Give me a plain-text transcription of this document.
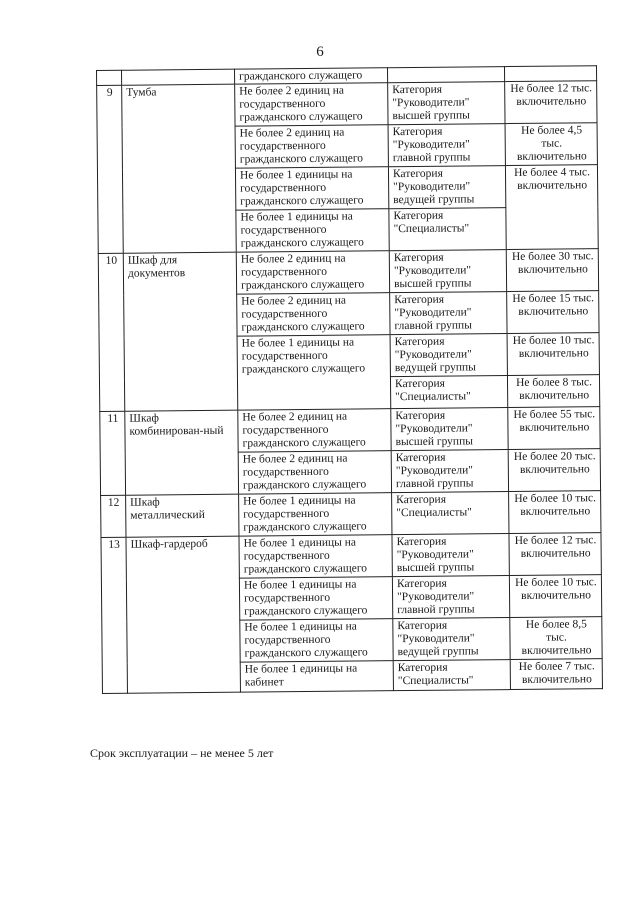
6
		гражданского служащего		
9	Тумба	Не более 2 единиц на государственного гражданского служащего	Категория "Руководители" высшей группы	Не более 12 тыс. включительно
		Не более 2 единиц на государственного гражданского служащего	Категория "Руководители" главной группы	Не более 4,5 тыс. включительно
		Не более 1 единицы на государственного гражданского служащего	Категория "Руководители" ведущей группы	Не более 4 тыс. включительно
		Не более 1 единицы на государственного гражданского служащего	Категория "Специалисты"	
10	Шкаф для документов	Не более 2 единиц на государственного гражданского служащего	Категория "Руководители" высшей группы	Не более 30 тыс. включительно
		Не более 2 единиц на государственного гражданского служащего	Категория "Руководители" главной группы	Не более 15 тыс. включительно
		Не более 1 единицы на государственного гражданского служащего	Категория "Руководители" ведущей группы	Не более 10 тыс. включительно
			Категория "Специалисты"	Не более 8 тыс. включительно
11	Шкаф комбинирован-ный	Не более 2 единиц на государственного гражданского служащего	Категория "Руководители" высшей группы	Не более 55 тыс. включительно
		Не более 2 единиц на государственного гражданского служащего	Категория "Руководители" главной группы	Не более 20 тыс. включительно
12	Шкаф металлический	Не более 1 единицы на государственного гражданского служащего	Категория "Специалисты"	Не более 10 тыс. включительно
13	Шкаф-гардероб	Не более 1 единицы на государственного гражданского служащего	Категория "Руководители" высшей группы	Не более 12 тыс. включительно
		Не более 1 единицы на государственного гражданского служащего	Категория "Руководители" главной группы	Не более 10 тыс. включительно
		Не более 1 единицы на государственного гражданского служащего	Категория "Руководители" ведущей группы	Не более 8,5 тыс. включительно
		Не более 1 единицы на кабинет	Категория "Специалисты"	Не более 7 тыс. включительно
Срок эксплуатации – не менее 5 лет
